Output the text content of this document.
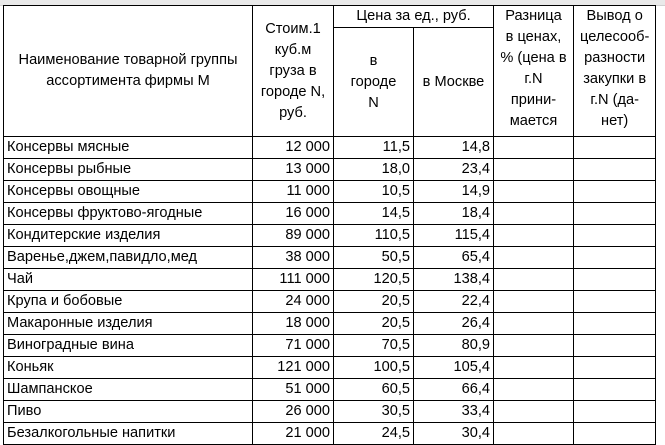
Наименование товарной группы ассортимента фирмы М	Стоим.1 куб.м груза в городе N, руб.	Цена за ед., руб.		Разница в ценах, % (цена в г.N прини-мается	Вывод о целесооб-разности закупки в г.N (да-нет)
		в городе N	в Москве		
Консервы мясные	12 000	11,5	14,8		
Консервы рыбные	13 000	18,0	23,4		
Консервы овощные	11 000	10,5	14,9		
Консервы фруктово-ягодные	16 000	14,5	18,4		
Кондитерские изделия	89 000	110,5	115,4		
Варенье,джем,павидло,мед	38 000	50,5	65,4		
Чай	111 000	120,5	138,4		
Крупа и бобовые	24 000	20,5	22,4		
Макаронные изделия	18 000	20,5	26,4		
Виноградные вина	71 000	70,5	80,9		
Коньяк	121 000	100,5	105,4		
Шампанское	51 000	60,5	66,4		
Пиво	26 000	30,5	33,4		
Безалкогольные напитки	21 000	24,5	30,4		
